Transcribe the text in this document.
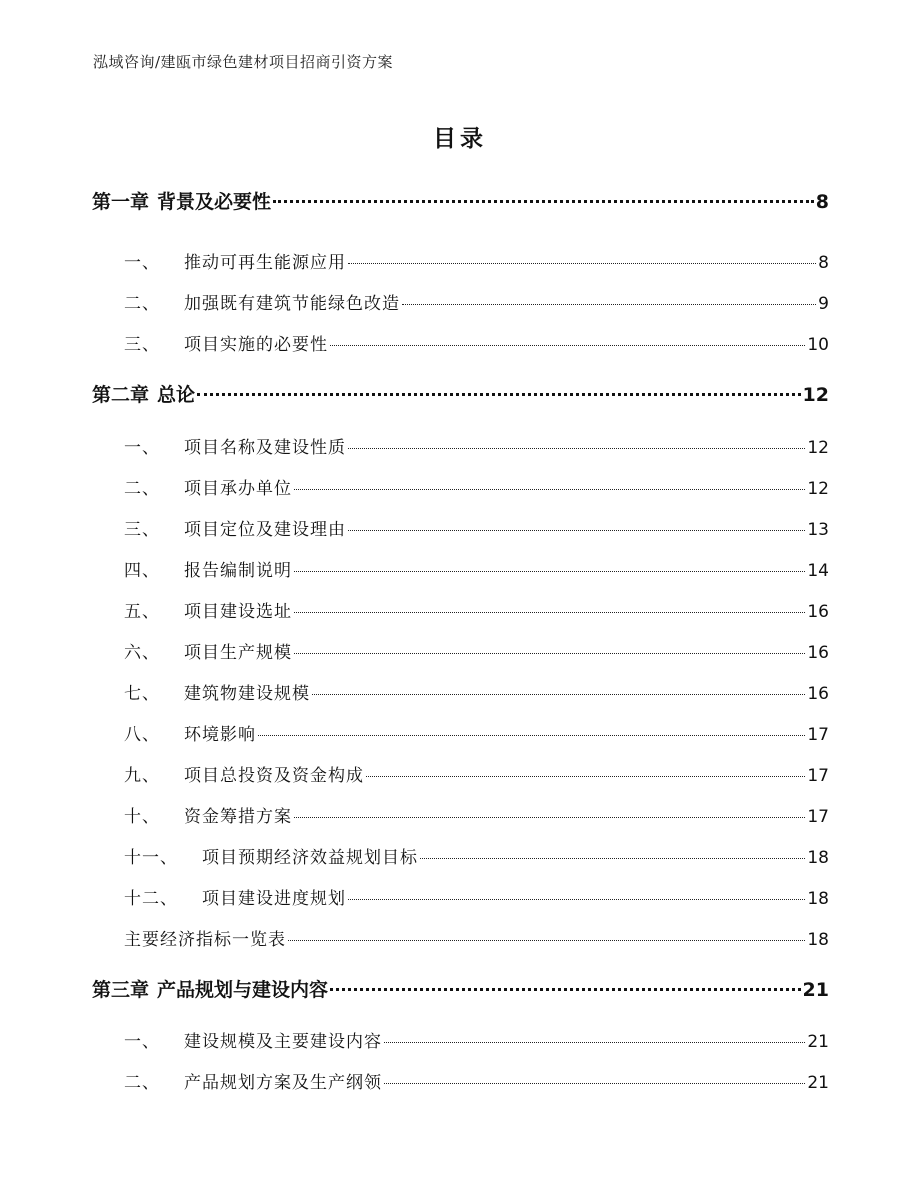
泓域咨询/建瓯市绿色建材项目招商引资方案
目录
第一章 背景及必要性	8
一、 推动可再生能源应用	8
二、 加强既有建筑节能绿色改造	9
三、 项目实施的必要性	10
第二章 总论	12
一、 项目名称及建设性质	12
二、 项目承办单位	12
三、 项目定位及建设理由	13
四、 报告编制说明	14
五、 项目建设选址	16
六、 项目生产规模	16
七、 建筑物建设规模	16
八、 环境影响	17
九、 项目总投资及资金构成	17
十、 资金筹措方案	17
十一、 项目预期经济效益规划目标	18
十二、 项目建设进度规划	18
主要经济指标一览表	18
第三章 产品规划与建设内容	21
一、 建设规模及主要建设内容	21
二、 产品规划方案及生产纲领	21
